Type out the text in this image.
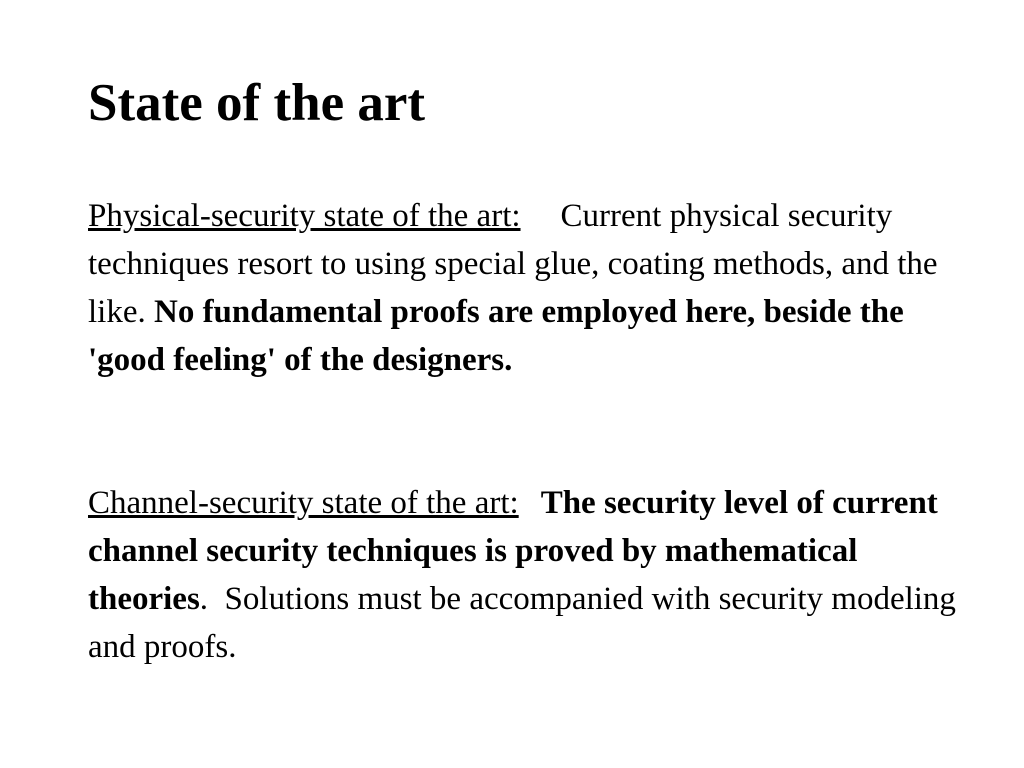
State of the art

Physical-security state of the art: Current physical security techniques resort to using special glue, coating methods, and the like. No fundamental proofs are employed here, beside the 'good feeling' of the designers.

Channel-security state of the art: The security level of current channel security techniques is proved by mathematical theories.  Solutions must be accompanied with security modeling and proofs.
